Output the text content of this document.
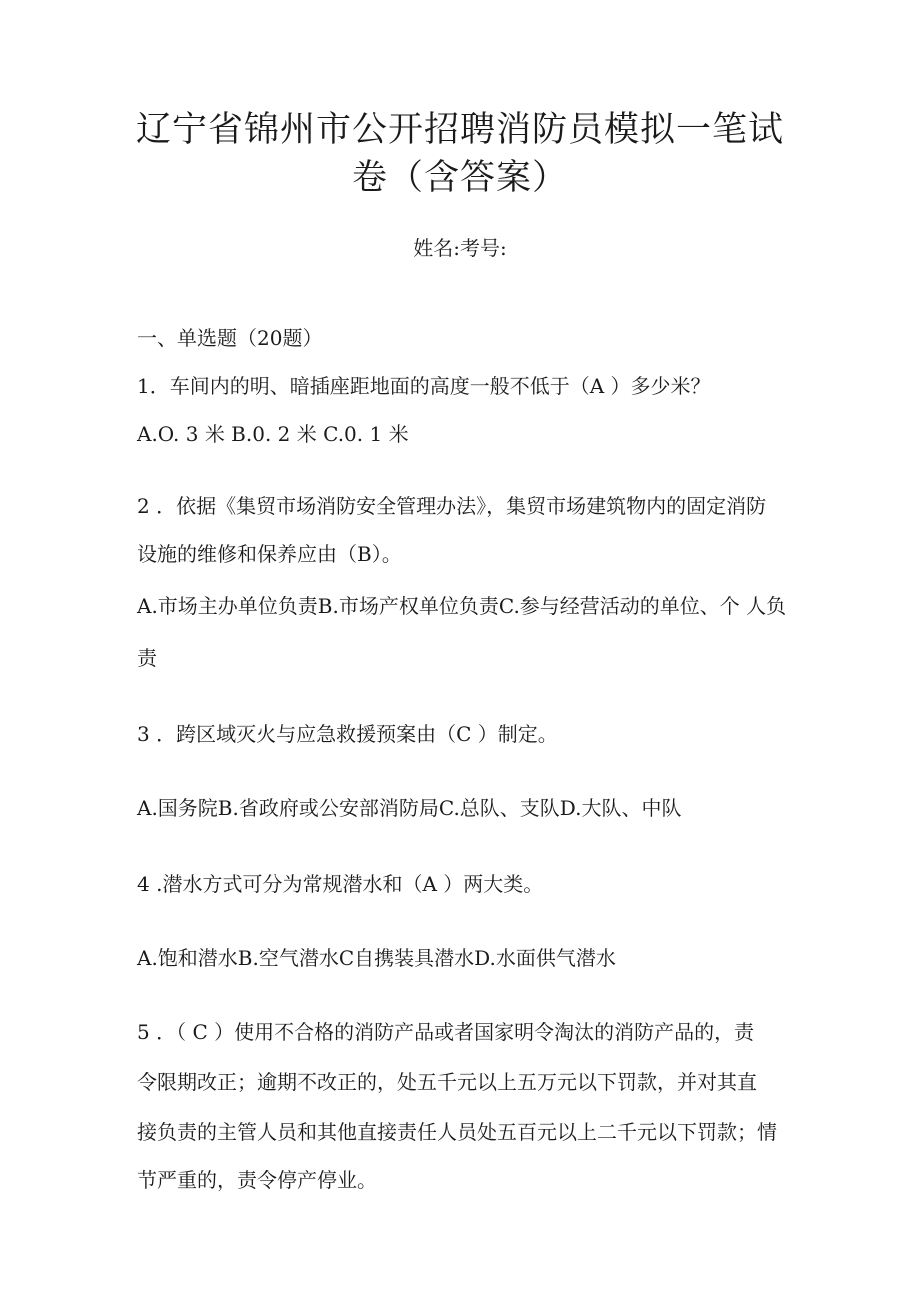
辽宁省锦州市公开招聘消防员模拟一笔试
卷（含答案）
姓名:考号:

一、单选题（20题）

1．车间内的明、暗插座距地面的高度一般不低于（A ）多少米？

A.O. 3 米 B.0. 2 米 C.0. 1 米

2 ．依据《集贸市场消防安全管理办法》，集贸市场建筑物内的固定消防

设施的维修和保养应由（B）。

A.市场主办单位负责B.市场产权单位负责C.参与经营活动的单位、个 人负

责

3 ．跨区域灭火与应急救援预案由（C ）制定。

A.国务院B.省政府或公安部消防局C.总队、支队D.大队、中队

4 .潜水方式可分为常规潜水和（A ）两大类。

A.饱和潜水B.空气潜水C自携装具潜水D.水面供气潜水

5 ．（ C ）使用不合格的消防产品或者国家明令淘汰的消防产品的，责

令限期改正；逾期不改正的，处五千元以上五万元以下罚款，并对其直

接负责的主管人员和其他直接责任人员处五百元以上二千元以下罚款；情

节严重的，责令停产停业。
